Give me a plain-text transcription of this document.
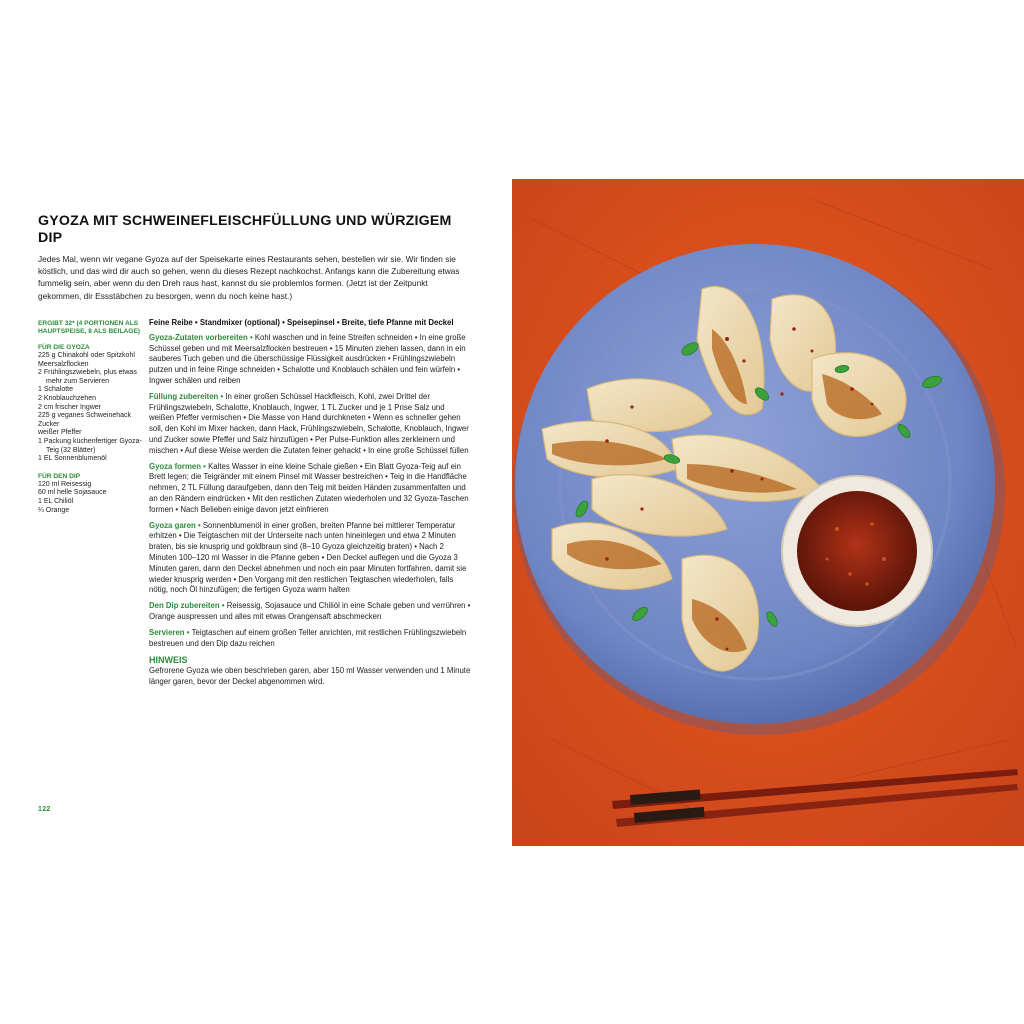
GYOZA MIT SCHWEINEFLEISCHFÜLLUNG UND WÜRZIGEM DIP

Jedes Mal, wenn wir vegane Gyoza auf der Speisekarte eines Restaurants sehen, bestellen wir sie. Wir finden sie köstlich, und das wird dir auch so gehen, wenn du dieses Rezept nachkochst. Anfangs kann die Zubereitung etwas fummelig sein, aber wenn du den Dreh raus hast, kannst du sie problemlos formen. (Jetzt ist der Zeitpunkt gekommen, dir Essstäbchen zu besorgen, wenn du noch keine hast.)

ERGIBT 32* (4 PORTIONEN ALS HAUPTSPEISE, 8 ALS BEILAGE)

FÜR DIE GYOZA

225 g Chinakohl oder Spitzkohl
Meersalzflocken
2 Frühlingszwiebeln, plus etwas mehr zum Servieren
1 Schalotte
2 Knoblauchzehen
2 cm frischer Ingwer
225 g veganes Schweinehack
Zucker
weißer Pfeffer
1 Packung küchenfertiger Gyoza-Teig (32 Blätter)
1 EL Sonnenblumenöl

FÜR DEN DIP

120 ml Reisessig
60 ml helle Sojasauce
1 EL Chiliöl
¼ Orange

Feine Reibe • Standmixer (optional) • Speisepinsel • Breite, tiefe Pfanne mit Deckel

Gyoza-Zutaten vorbereiten • Kohl waschen und in feine Streifen schneiden • In eine große Schüssel geben und mit Meersalzflocken bestreuen • 15 Minuten ziehen lassen, dann in ein sauberes Tuch geben und die überschüssige Flüssigkeit ausdrücken • Frühlingszwiebeln putzen und in feine Ringe schneiden • Schalotte und Knoblauch schälen und fein würfeln • Ingwer schälen und reiben

Füllung zubereiten • In einer großen Schüssel Hackfleisch, Kohl, zwei Drittel der Frühlingszwiebeln, Schalotte, Knoblauch, Ingwer, 1 TL Zucker und je 1 Prise Salz und weißen Pfeffer vermischen • Die Masse von Hand durchkneten • Wenn es schneller gehen soll, den Kohl im Mixer hacken, dann Hack, Frühlingszwiebeln, Schalotte, Knoblauch, Ingwer und Zucker sowie Pfeffer und Salz hinzufügen • Per Pulse-Funktion alles zerkleinern und mischen • Auf diese Weise werden die Zutaten feiner gehackt • In eine große Schüssel füllen

Gyoza formen • Kaltes Wasser in eine kleine Schale gießen • Ein Blatt Gyoza-Teig auf ein Brett legen; die Teigränder mit einem Pinsel mit Wasser bestreichen • Teig in die Handfläche nehmen, 2 TL Füllung daraufgeben, dann den Teig mit beiden Händen zusammenfalten und an den Rändern eindrücken • Mit den restlichen Zutaten wiederholen und 32 Gyoza-Taschen formen • Nach Belieben einige davon jetzt einfrieren

Gyoza garen • Sonnenblumenöl in einer großen, breiten Pfanne bei mittlerer Temperatur erhitzen • Die Teigtaschen mit der Unterseite nach unten hineinlegen und etwa 2 Minuten braten, bis sie knusprig und goldbraun sind (8–10 Gyoza gleichzeitig braten) • Nach 2 Minuten 100–120 ml Wasser in die Pfanne geben • Den Deckel auflegen und die Gyoza 3 Minuten garen, dann den Deckel abnehmen und noch ein paar Minuten fortfahren, damit sie wieder knusprig werden • Den Vorgang mit den restlichen Teigtaschen wiederholen, falls nötig, noch Öl hinzufügen; die fertigen Gyoza warm halten

Den Dip zubereiten • Reisessig, Sojasauce und Chiliöl in eine Schale geben und verrühren • Orange auspressen und alles mit etwas Orangensaft abschmecken

Servieren • Teigtaschen auf einem großen Teller anrichten, mit restlichen Frühlingszwiebeln bestreuen und den Dip dazu reichen

HINWEIS

Gefrorene Gyoza wie oben beschrieben garen, aber 150 ml Wasser verwenden und 1 Minute länger garen, bevor der Deckel abgenommen wird.

122
